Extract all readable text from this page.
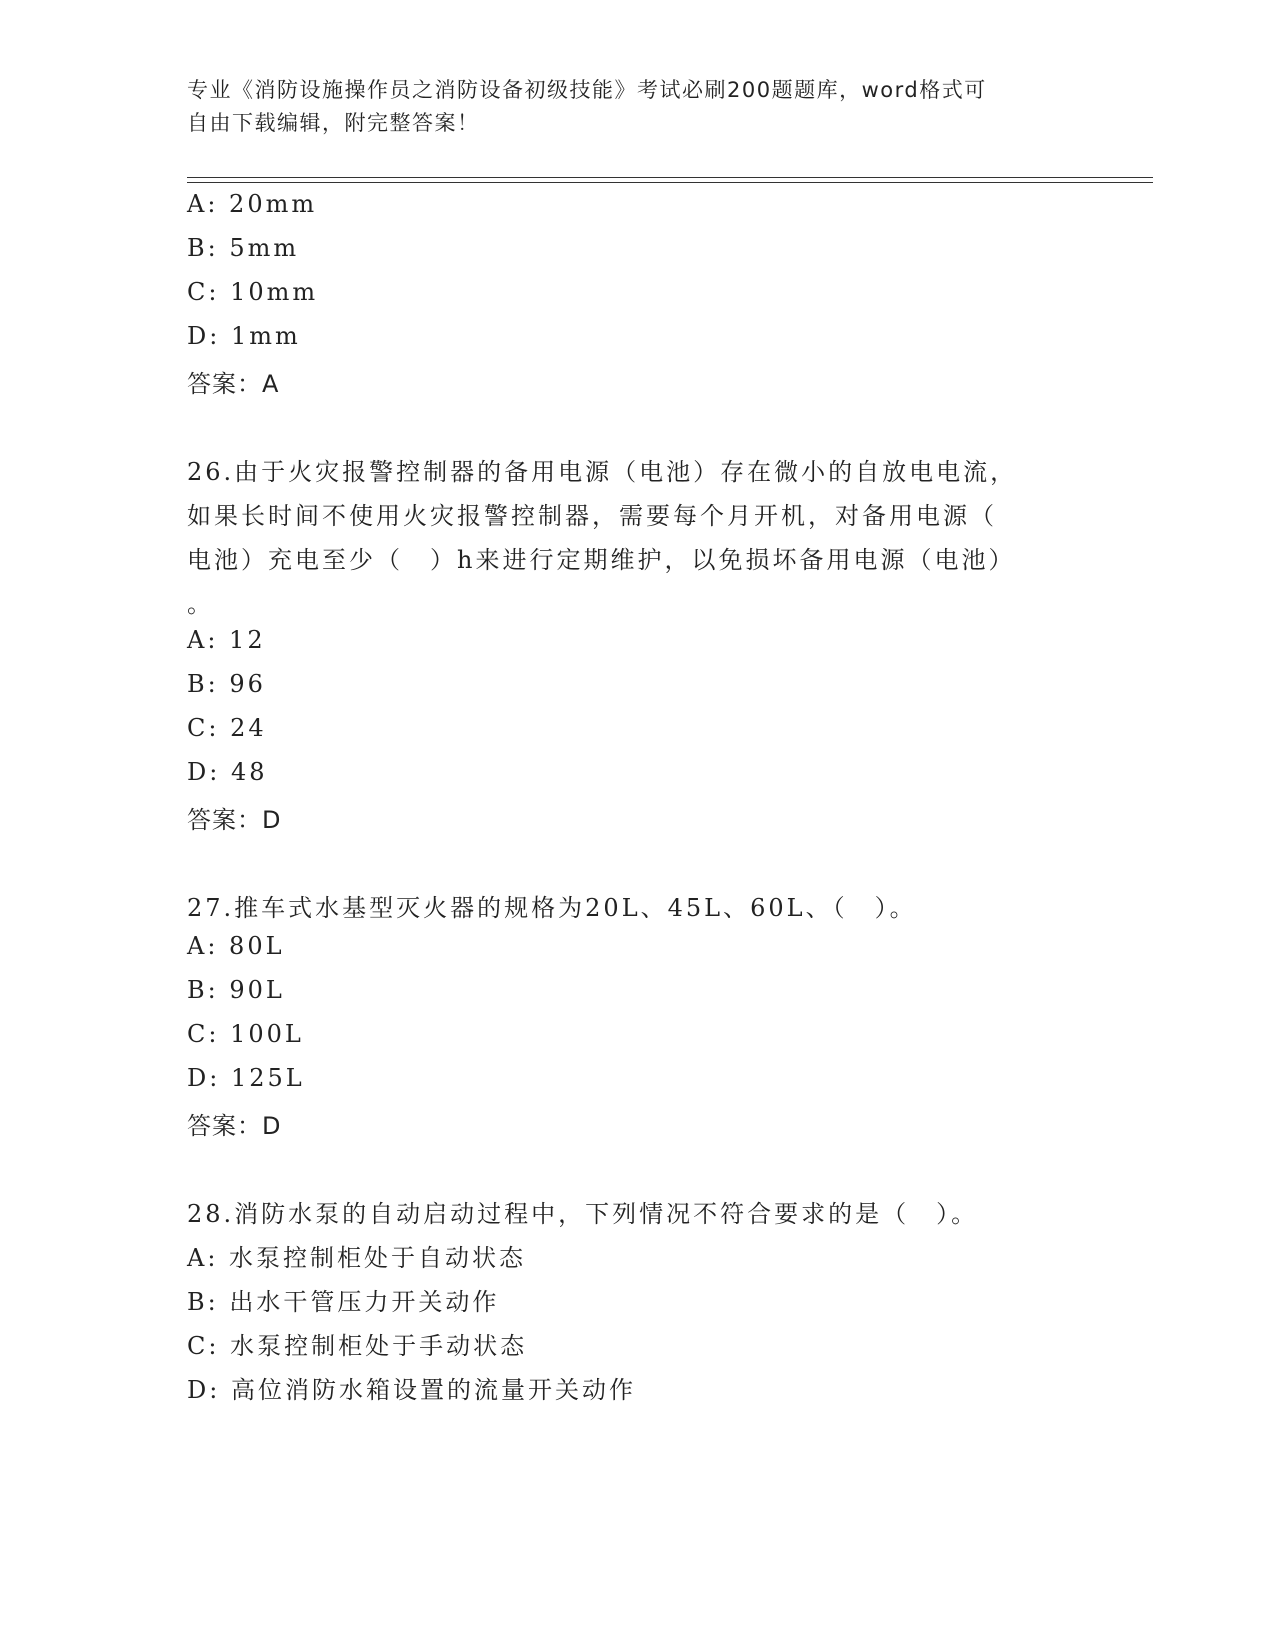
专业《消防设施操作员之消防设备初级技能》考试必刷200题题库，word格式可
自由下载编辑，附完整答案！
A: 20mm
B: 5mm
C: 10mm
D: 1mm
答案：A
26.由于火灾报警控制器的备用电源（电池）存在微小的自放电电流，
如果长时间不使用火灾报警控制器，需要每个月开机，对备用电源（
电池）充电至少（　）h来进行定期维护，以免损坏备用电源（电池）
。
A: 12
B: 96
C: 24
D: 48
答案：D
27.推车式水基型灭火器的规格为20L、45L、60L、（　）。
A: 80L
B: 90L
C: 100L
D: 125L
答案：D
28.消防水泵的自动启动过程中，下列情况不符合要求的是（　）。
A: 水泵控制柜处于自动状态
B: 出水干管压力开关动作
C: 水泵控制柜处于手动状态
D: 高位消防水箱设置的流量开关动作
